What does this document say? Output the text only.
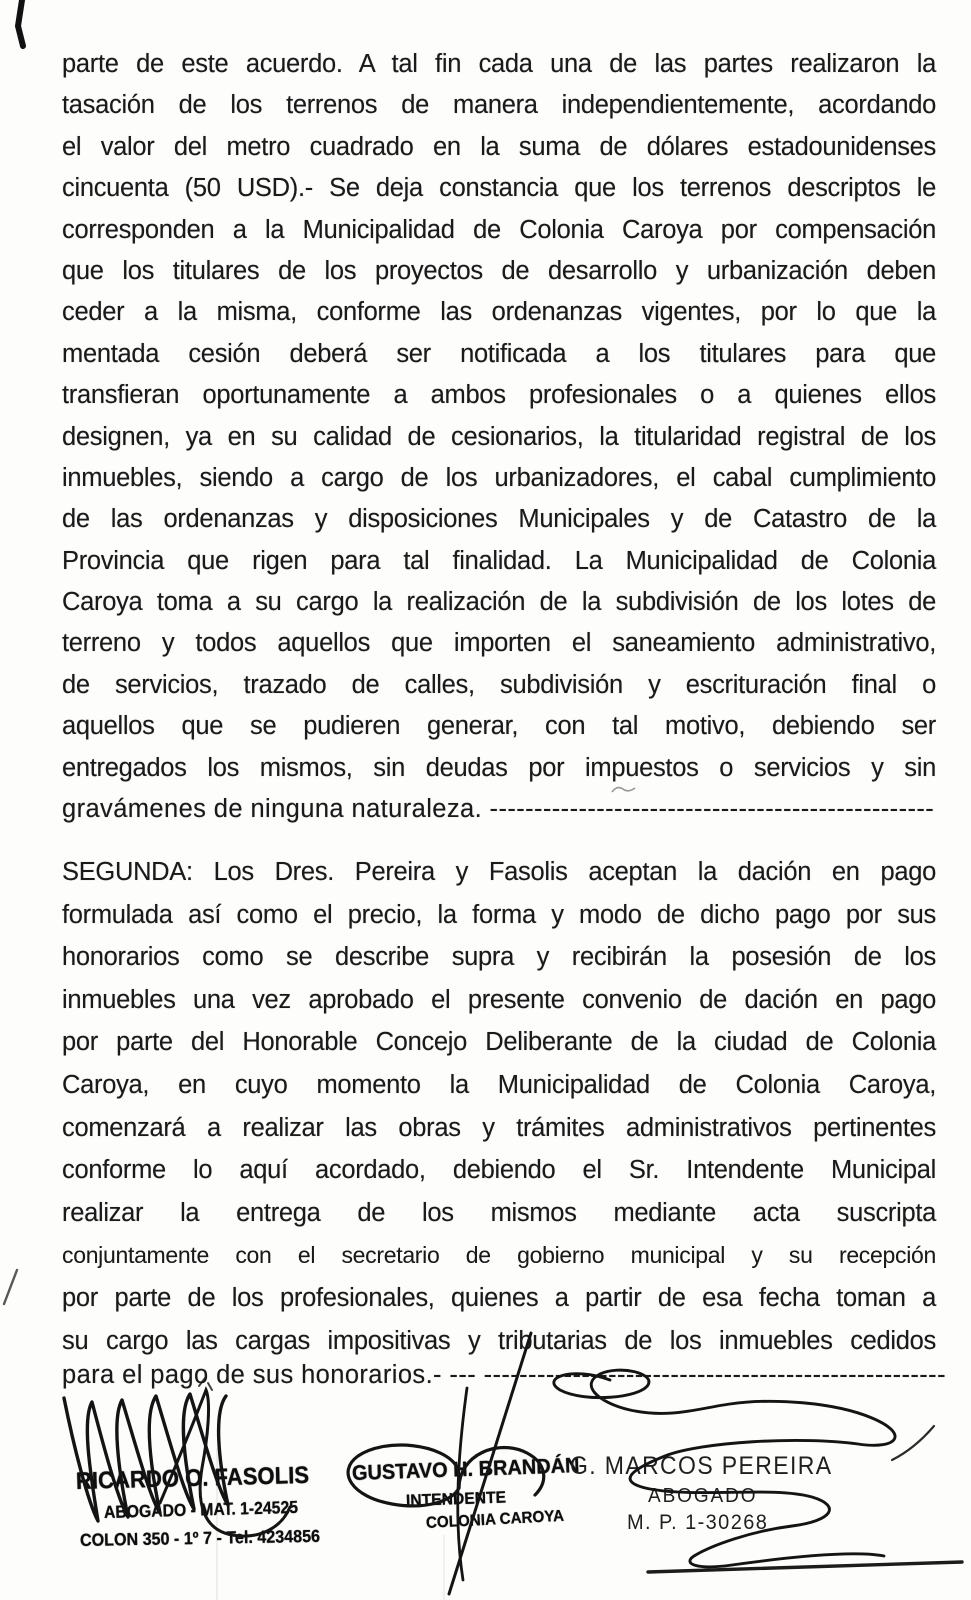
parte de este acuerdo. A tal fin cada una de las partes realizaron la
tasación de los terrenos de manera independientemente, acordando
el valor del metro cuadrado en la suma de dólares estadounidenses
cincuenta (50 USD).- Se deja constancia que los terrenos descriptos le
corresponden a la Municipalidad de Colonia Caroya por compensación
que los titulares de los proyectos de desarrollo y urbanización deben
ceder a la misma, conforme las ordenanzas vigentes, por lo que la
mentada cesión deberá ser notificada a los titulares para que
transfieran oportunamente a ambos profesionales o a quienes ellos
designen, ya en su calidad de cesionarios, la titularidad registral de los
inmuebles, siendo a cargo de los urbanizadores, el cabal cumplimiento
de las ordenanzas y disposiciones Municipales y de Catastro de la
Provincia que rigen para tal finalidad. La Municipalidad de Colonia
Caroya toma a su cargo la realización de la subdivisión de los lotes de
terreno y todos aquellos que importen el saneamiento administrativo,
de servicios, trazado de calles, subdivisión y escrituración final o
aquellos que se pudieren generar, con tal motivo, debiendo ser
entregados los mismos, sin deudas por impuestos o servicios y sin
gravámenes de ninguna naturaleza. --------------------------------------------------
SEGUNDA: Los Dres. Pereira y Fasolis aceptan la dación en pago
formulada así como el precio, la forma y modo de dicho pago por sus
honorarios como se describe supra y recibirán la posesión de los
inmuebles una vez aprobado el presente convenio de dación en pago
por parte del Honorable Concejo Deliberante de la ciudad de Colonia
Caroya, en cuyo momento la Municipalidad de Colonia Caroya,
comenzará a realizar las obras y trámites administrativos pertinentes
conforme lo aquí acordado, debiendo el Sr. Intendente Municipal
realizar la entrega de los mismos mediante acta suscripta
conjuntamente con el secretario de gobierno municipal y su recepción
por parte de los profesionales, quienes a partir de esa fecha toman a
su cargo las cargas impositivas y tributarias de los inmuebles cedidos
para el pago de sus honorarios.- --- ----------------------------------------------------
RICARDO O. FASOLIS
ABOGADO - MAT. 1-24525
COLON 350 - 1º 7 - Tel. 4234856
GUSTAVO H. BRANDÁN
INTENDENTE
COLONIA CAROYA
G. MARCOS PEREIRA
ABOGADO
M. P. 1-30268
